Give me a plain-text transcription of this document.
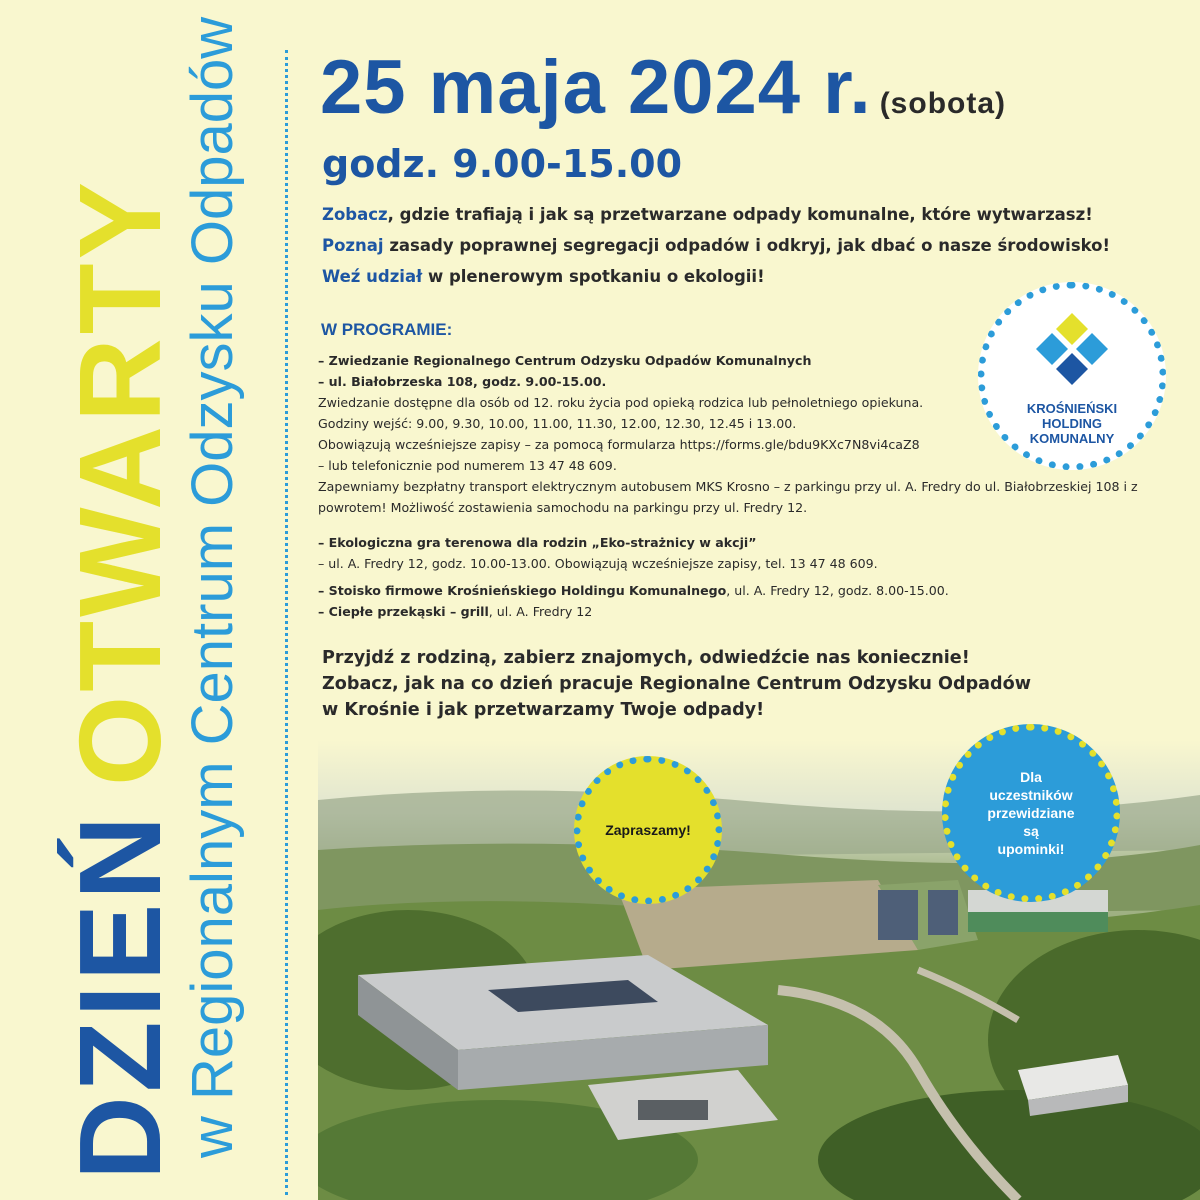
DZIEŃOTWARTY
w Regionalnym Centrum Odzysku Odpadów 25 maja 2024 r. (sobota)
godz. 9.00-15.00

Zobacz, gdzie trafiają i jak są przetwarzane odpady komunalne, które wytwarzasz!

Poznaj zasady poprawnej segregacji odpadów i odkryj, jak dbać o nasze środowisko!

Weź udział w plenerowym spotkaniu o ekologii!

W PROGRAMIE:
– Zwiedzanie Regionalnego Centrum Odzysku Odpadów Komunalnych
– ul. Białobrzeska 108, godz. 9.00-15.00.
Zwiedzanie dostępne dla osób od 12. roku życia pod opieką rodzica lub pełnoletniego opiekuna.
Godziny wejść: 9.00, 9.30, 10.00, 11.00, 11.30, 12.00, 12.30, 12.45 i 13.00.
Obowiązują wcześniejsze zapisy – za pomocą formularza https://forms.gle/bdu9KXc7N8vi4caZ8
– lub telefonicznie pod numerem 13 47 48 609.
Zapewniamy bezpłatny transport elektrycznym autobusem MKS Krosno – z parkingu przy ul. A. Fredry do ul. Białobrzeskiej 108 i z powrotem! Możliwość zostawienia samochodu na parkingu przy ul. Fredry 12.
– Ekologiczna gra terenowa dla rodzin „Eko-strażnicy w akcji”
– ul. A. Fredry 12, godz. 10.00-13.00. Obowiązują wcześniejsze zapisy, tel. 13 47 48 609.
– Stoisko firmowe Krośnieńskiego Holdingu Komunalnego, ul. A. Fredry 12, godz. 8.00-15.00.
– Ciepłe przekąski – grill, ul. A. Fredry 12
KROŚNIEŃSKI
HOLDING
KOMUNALNY

Przyjdź z rodziną, zabierz znajomych, odwiedźcie nas koniecznie!

Zobacz, jak na co dzień pracuje Regionalne Centrum Odzysku Odpadów

w Krośnie i jak przetwarzamy Twoje odpady!

Zapraszamy!
Dla
uczestników
przewidziane
są
upominki!
